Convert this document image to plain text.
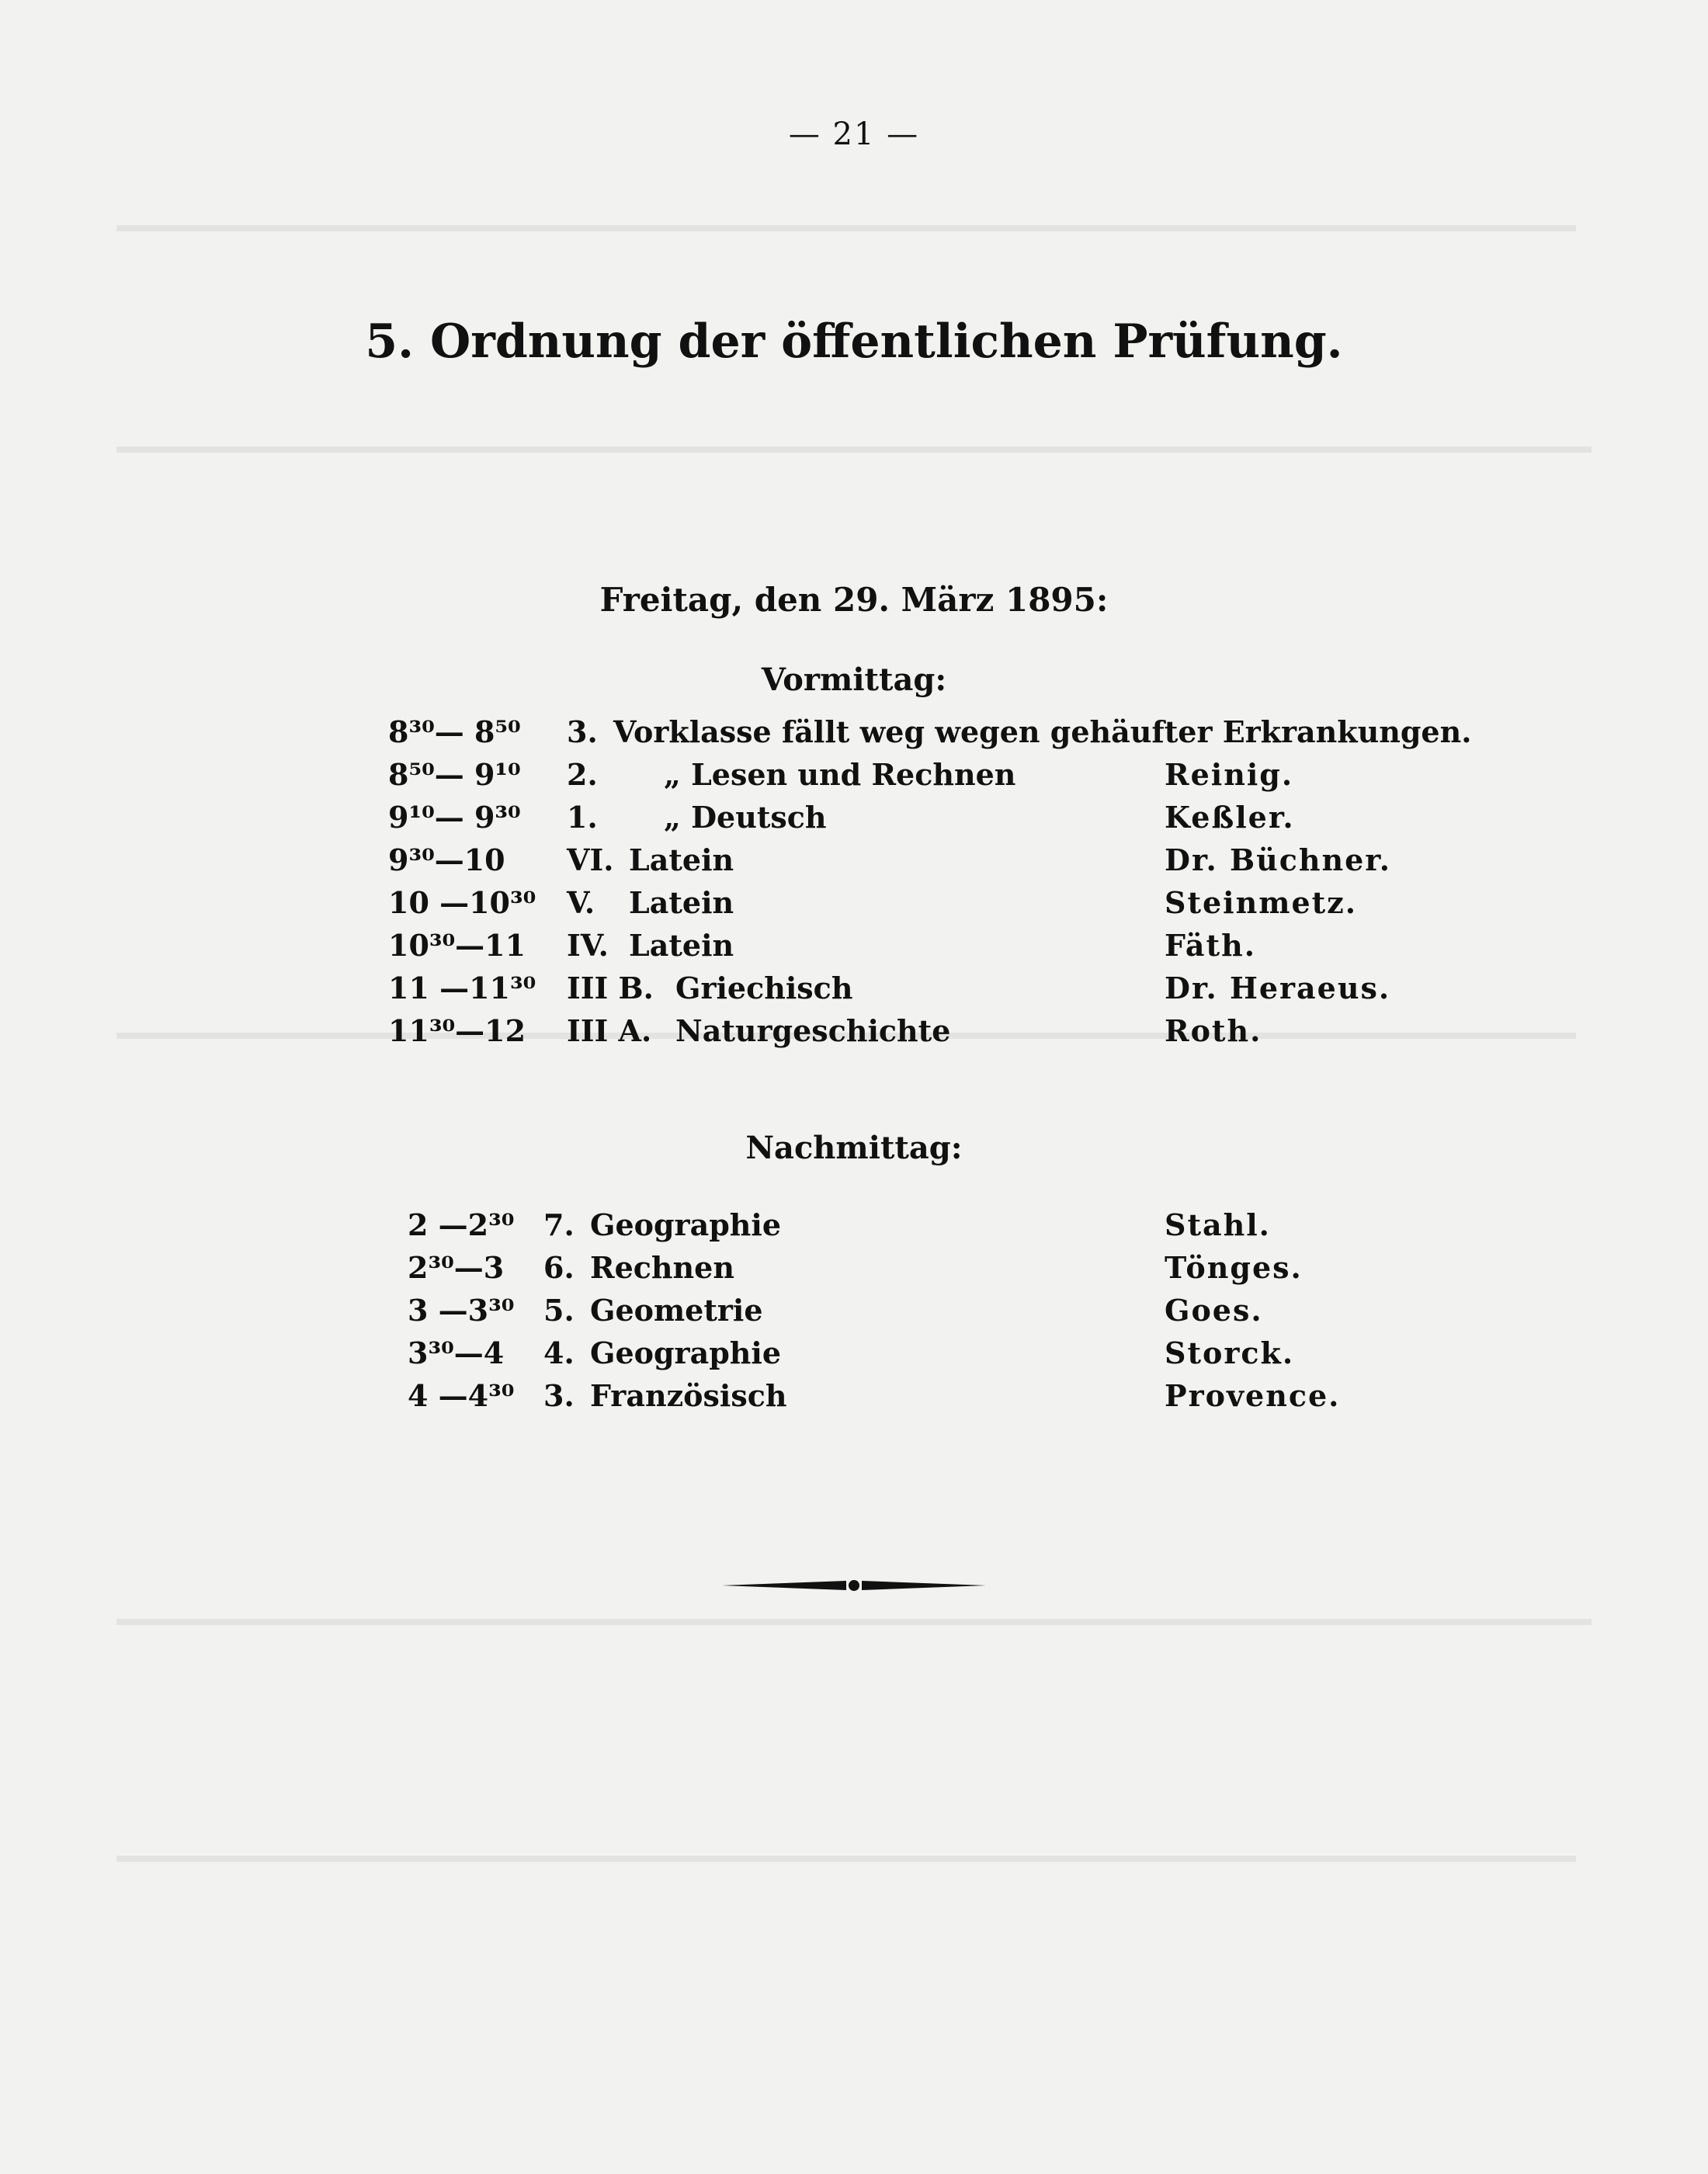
— 21 —
5. Ordnung der öffentlichen Prüfung.
Freitag, den 29. März 1895:
Vormittag:
8³⁰— 8⁵⁰ 3. Vorklasse fällt weg wegen gehäufter Erkrankungen.
8⁵⁰— 9¹⁰ 2. „ Lesen und Rechnen	Reinig.
9¹⁰— 9³⁰ 1. „ Deutsch	Keßler.
9³⁰—10 VI. Latein	Dr. Büchner.
10 —10³⁰ V. Latein	Steinmetz.
10³⁰—11 IV. Latein	Fäth.
11 —11³⁰ III B. Griechisch	Dr. Heraeus.
11³⁰—12 III A. Naturgeschichte	Roth.
Nachmittag:
2 —2³⁰ 7. Geographie	Stahl.
2³⁰—3 6. Rechnen	Tönges.
3 —3³⁰ 5. Geometrie	Goes.
3³⁰—4 4. Geographie	Storck.
4 —4³⁰ 3. Französisch	Provence.
